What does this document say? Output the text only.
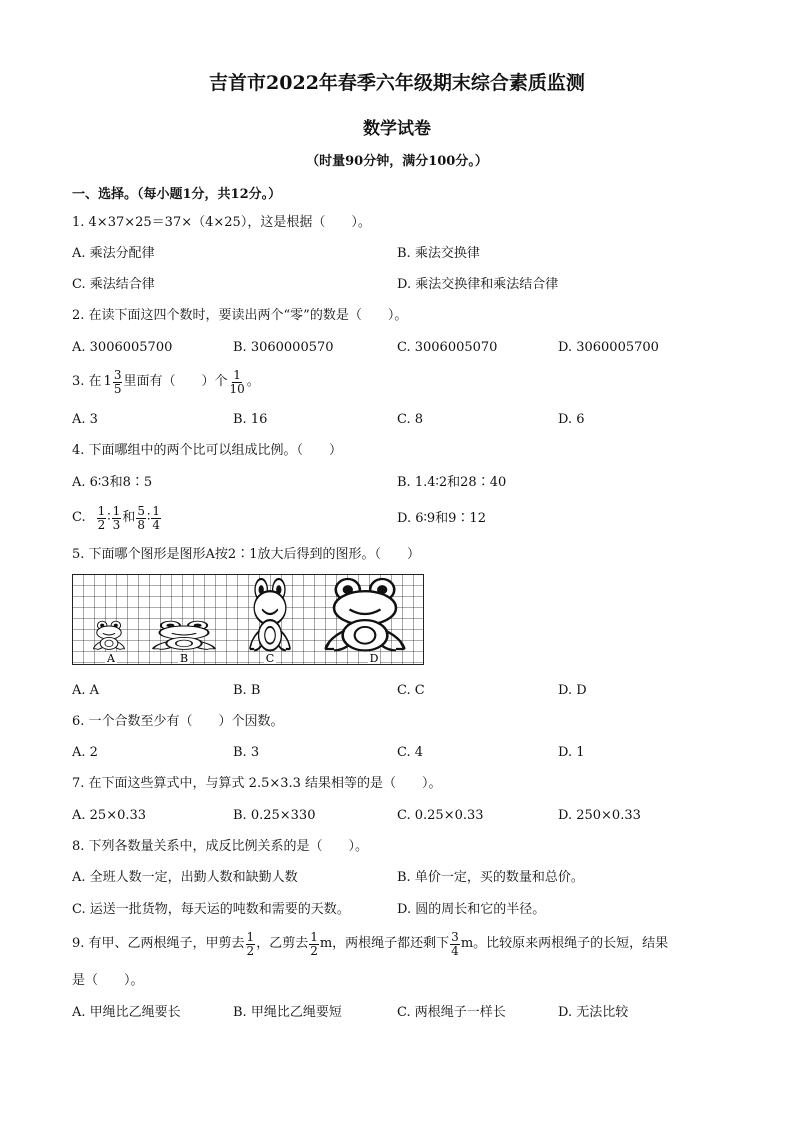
吉首市2022年春季六年级期末综合素质监测
数学试卷
（时量90分钟，满分100分。）
一、选择。（每小题1分，共12分。）
1. 4×37×25＝37×（4×25），这是根据（　　）。
A. 乘法分配律	B. 乘法交换律
C. 乘法结合律	D. 乘法交换律和乘法结合律
2. 在读下面这四个数时，要读出两个“零”的数是（　　）。
A. 3006005700	B. 3060000570	C. 3006005070	D. 3060005700
3. 在 $1 \frac{3}{5}$ 里面有（　　）个 $\frac{1}{10}$ 。
A. 3	B. 16	C. 8	D. 6
4. 下面哪组中的两个比可以组成比例。（　　）
A. 6∶3和8∶5	B. 1.4∶2和28∶40
C. $\frac{1}{2}$ ∶ $\frac{1}{3}$ 和 $\frac{5}{8}$ ∶ $\frac{1}{4}$	D. 6∶9和9∶12
5. 下面哪个图形是图形A按2∶1放大后得到的图形。（　　）
A	B	C	D
A. A	B. B	C. C	D. D
6. 一个合数至少有（　　）个因数。
A. 2	B. 3	C. 4	D. 1
7. 在下面这些算式中，与算式 2.5×3.3 结果相等的是（　　）。
A. 25×0.33	B. 0.25×330	C. 0.25×0.33	D. 250×0.33
8. 下列各数量关系中，成反比例关系的是（　　）。
A. 全班人数一定，出勤人数和缺勤人数	B. 单价一定，买的数量和总价。
C. 运送一批货物，每天运的吨数和需要的天数。	D. 圆的周长和它的半径。
9. 有甲、乙两根绳子，甲剪去 $\frac{1}{2}$ ，乙剪去 $\frac{1}{2}$ m，两根绳子都还剩下 $\frac{3}{4}$ m。比较原来两根绳子的长短，结果
是（　　）。
A. 甲绳比乙绳要长	B. 甲绳比乙绳要短	C. 两根绳子一样长	D. 无法比较
